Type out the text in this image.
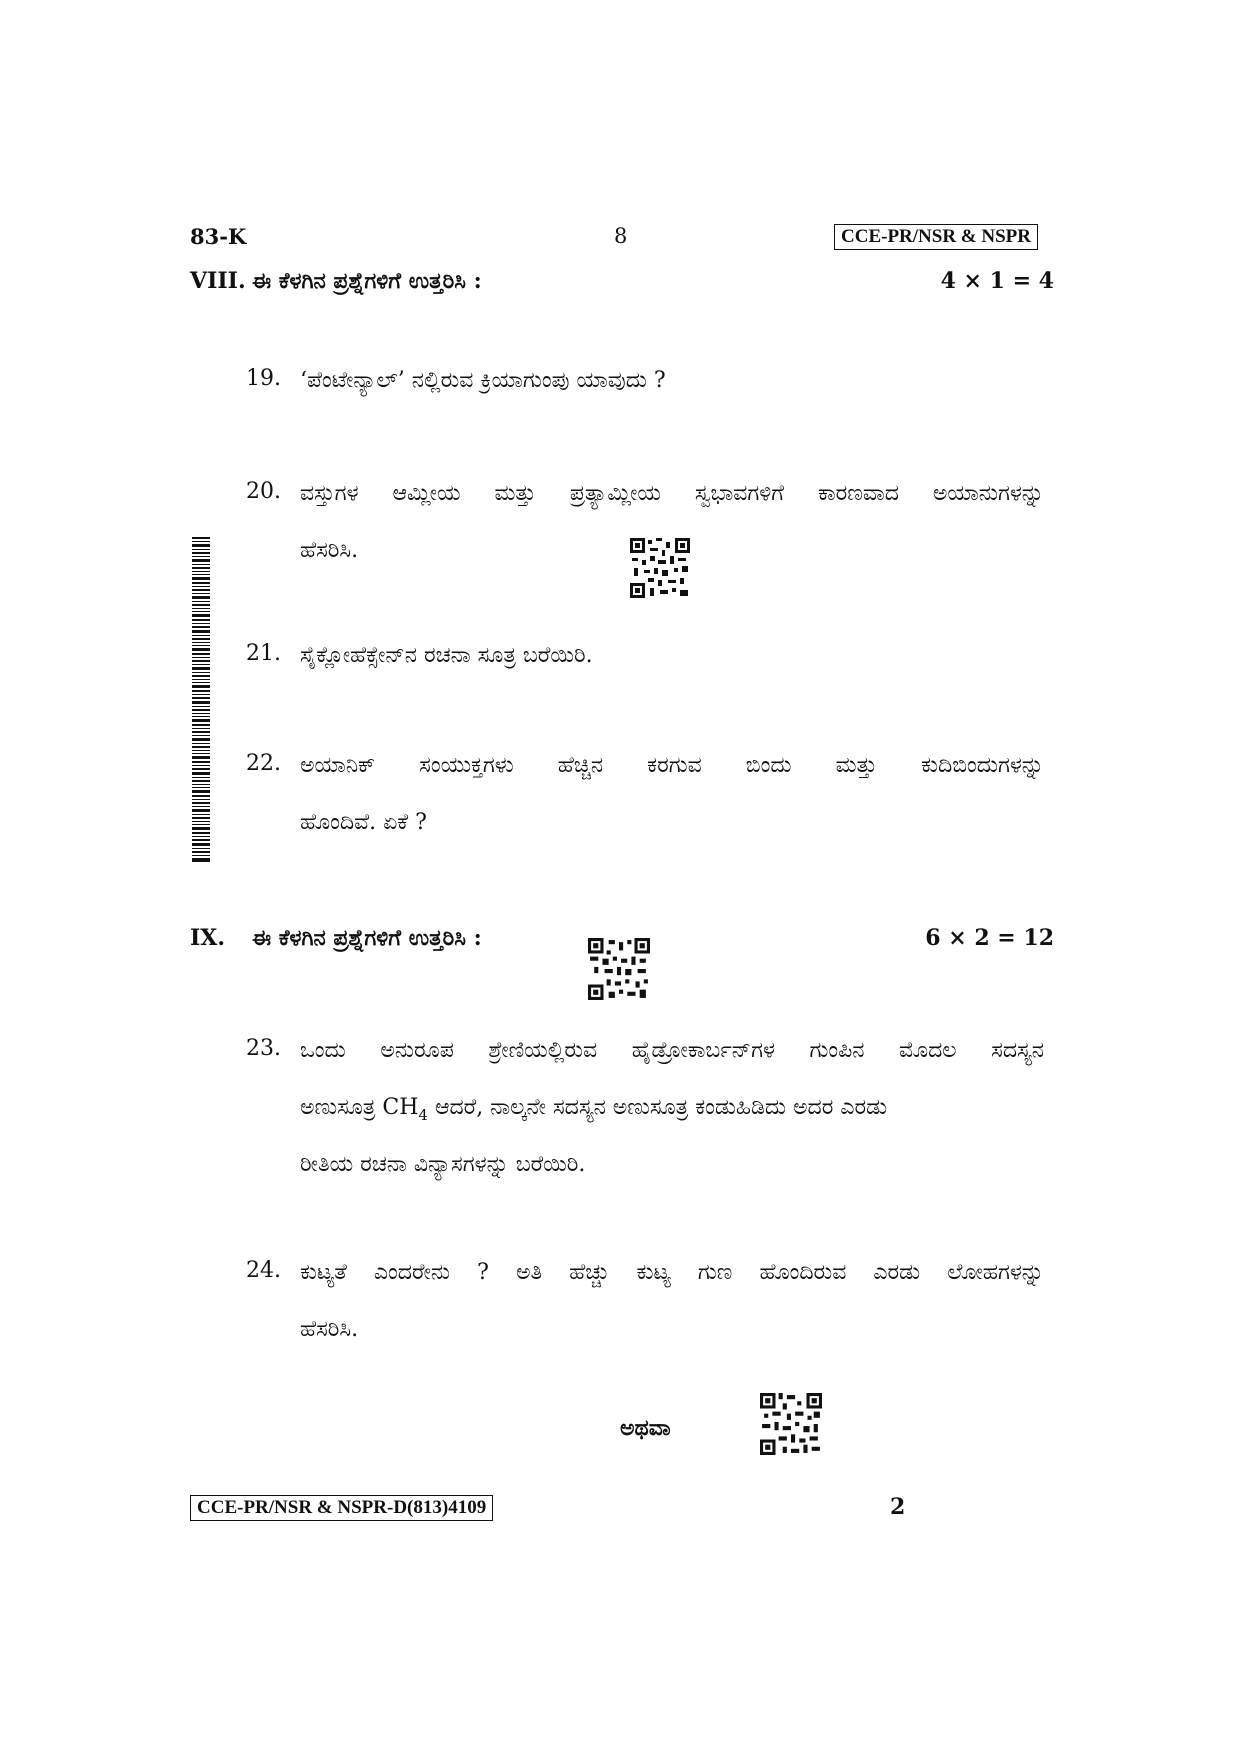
83-K	8	CCE-PR/NSR & NSPR
VIII. ಈ ಕೆಳಗಿನ ಪ್ರಶ್ನೆಗಳಿಗೆ ಉತ್ತರಿಸಿ :	4 × 1 = 4
19. ‘ಪೆಂಟೇನ್ಯಾಲ್’ ನಲ್ಲಿರುವ ಕ್ರಿಯಾಗುಂಪು ಯಾವುದು ?
20. ವಸ್ತುಗಳ ಆಮ್ಲೀಯ ಮತ್ತು ಪ್ರತ್ಯಾಮ್ಲೀಯ ಸ್ವಭಾವಗಳಿಗೆ ಕಾರಣವಾದ ಅಯಾನುಗಳನ್ನು
ಹೆಸರಿಸಿ.
21. ಸೈಕ್ಲೋಹೆಕ್ಸೇನ್‌ನ ರಚನಾ ಸೂತ್ರ ಬರೆಯಿರಿ.
22. ಅಯಾನಿಕ್ ಸಂಯುಕ್ತಗಳು ಹೆಚ್ಚಿನ ಕರಗುವ ಬಿಂದು ಮತ್ತು ಕುದಿಬಿಂದುಗಳನ್ನು
ಹೊಂದಿವೆ. ಏಕೆ ?
IX. ಈ ಕೆಳಗಿನ ಪ್ರಶ್ನೆಗಳಿಗೆ ಉತ್ತರಿಸಿ :	6 × 2 = 12
23. ಒಂದು ಅನುರೂಪ ಶ್ರೇಣಿಯಲ್ಲಿರುವ ಹೈಡ್ರೋಕಾರ್ಬನ್‌ಗಳ ಗುಂಪಿನ ಮೊದಲ ಸದಸ್ಯನ
ಅಣುಸೂತ್ರ $CH_4$ ಆದರೆ, ನಾಲ್ಕನೇ ಸದಸ್ಯನ ಅಣುಸೂತ್ರ ಕಂಡುಹಿಡಿದು ಅದರ ಎರಡು
ರೀತಿಯ ರಚನಾ ವಿನ್ಯಾಸಗಳನ್ನು ಬರೆಯಿರಿ.
24. ಕುಟ್ಯತೆ ಎಂದರೇನು ? ಅತಿ ಹೆಚ್ಚು ಕುಟ್ಯ ಗುಣ ಹೊಂದಿರುವ ಎರಡು ಲೋಹಗಳನ್ನು
ಹೆಸರಿಸಿ.
ಅಥವಾ
CCE-PR/NSR & NSPR-D(813)4109	2
